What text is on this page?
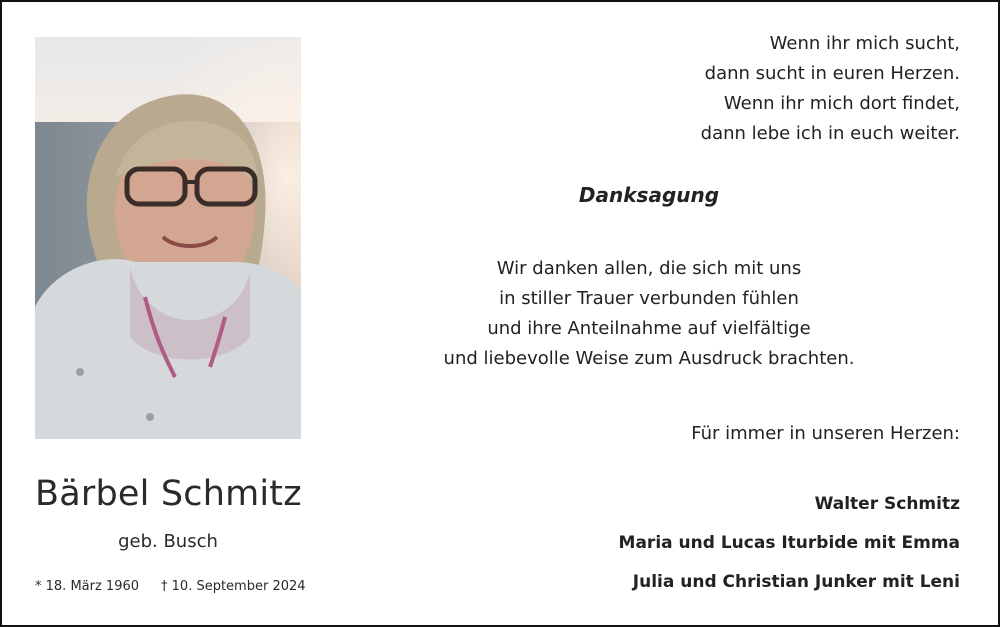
Bärbel Schmitz
geb. Busch
* 18. März 1960 † 10. September 2024
Wenn ihr mich sucht,
dann sucht in euren Herzen.
Wenn ihr mich dort findet,
dann lebe ich in euch weiter.
Danksagung
Wir danken allen, die sich mit uns
in stiller Trauer verbunden fühlen
und ihre Anteilnahme auf vielfältige
und liebevolle Weise zum Ausdruck brachten.
Für immer in unseren Herzen:
Walter Schmitz
Maria und Lucas Iturbide mit Emma
Julia und Christian Junker mit Leni
